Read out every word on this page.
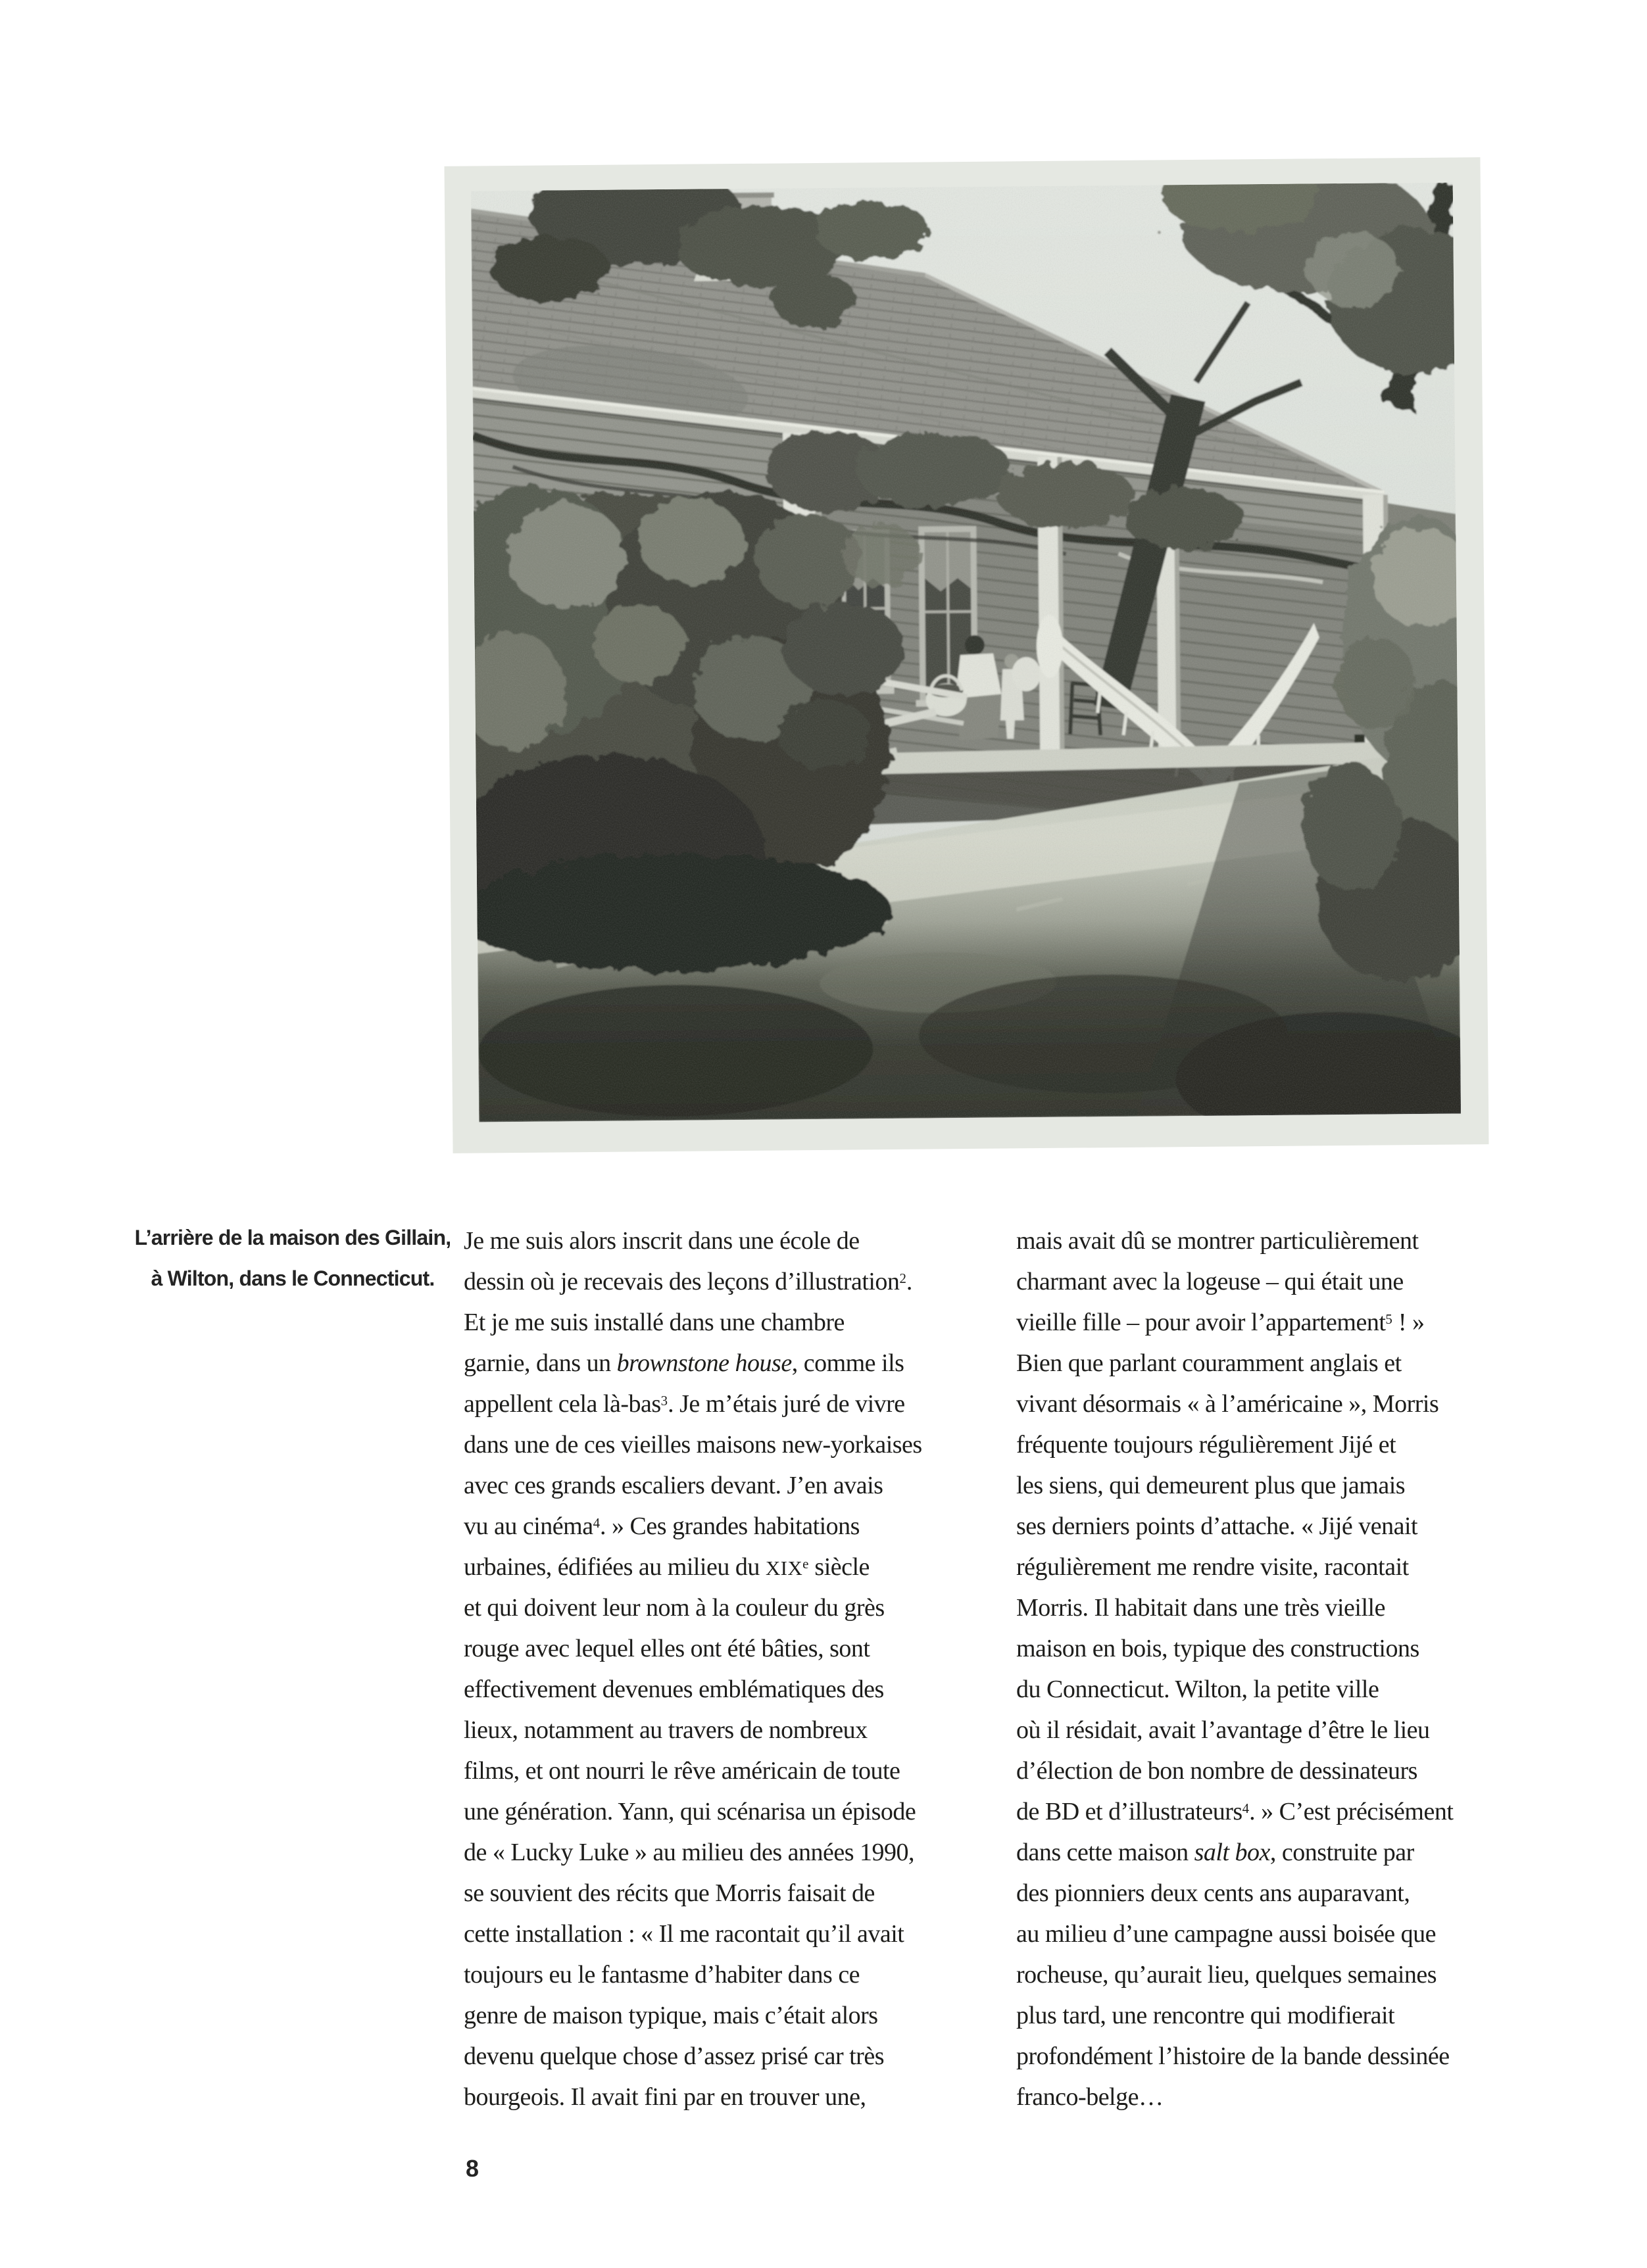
L’arrière de la maison des Gillain,
à Wilton, dans le Connecticut.
Je me suis alors inscrit dans une école de
dessin où je recevais des leçons d’illustration$^2$.
Et je me suis installé dans une chambre
garnie, dans un brownstone house, comme ils
appellent cela là-bas$^3$. Je m’étais juré de vivre
dans une de ces vieilles maisons new-yorkaises
avec ces grands escaliers devant. J’en avais
vu au cinéma$^4$. » Ces grandes habitations
urbaines, édifiées au milieu du XIXe siècle
et qui doivent leur nom à la couleur du grès
rouge avec lequel elles ont été bâties, sont
effectivement devenues emblématiques des
lieux, notamment au travers de nombreux
films, et ont nourri le rêve américain de toute
une génération. Yann, qui scénarisa un épisode
de « Lucky Luke » au milieu des années 1990,
se souvient des récits que Morris faisait de
cette installation : « Il me racontait qu’il avait
toujours eu le fantasme d’habiter dans ce
genre de maison typique, mais c’était alors
devenu quelque chose d’assez prisé car très
bourgeois. Il avait fini par en trouver une,
mais avait dû se montrer particulièrement
charmant avec la logeuse – qui était une
vieille fille – pour avoir l’appartement$^5$ ! »
Bien que parlant couramment anglais et
vivant désormais « à l’américaine », Morris
fréquente toujours régulièrement Jijé et
les siens, qui demeurent plus que jamais
ses derniers points d’attache. « Jijé venait
régulièrement me rendre visite, racontait
Morris. Il habitait dans une très vieille
maison en bois, typique des constructions
du Connecticut. Wilton, la petite ville
où il résidait, avait l’avantage d’être le lieu
d’élection de bon nombre de dessinateurs
de BD et d’illustrateurs$^4$. » C’est précisément
dans cette maison salt box, construite par
des pionniers deux cents ans auparavant,
au milieu d’une campagne aussi boisée que
rocheuse, qu’aurait lieu, quelques semaines
plus tard, une rencontre qui modifierait
profondément l’histoire de la bande dessinée
franco-belge…
8
